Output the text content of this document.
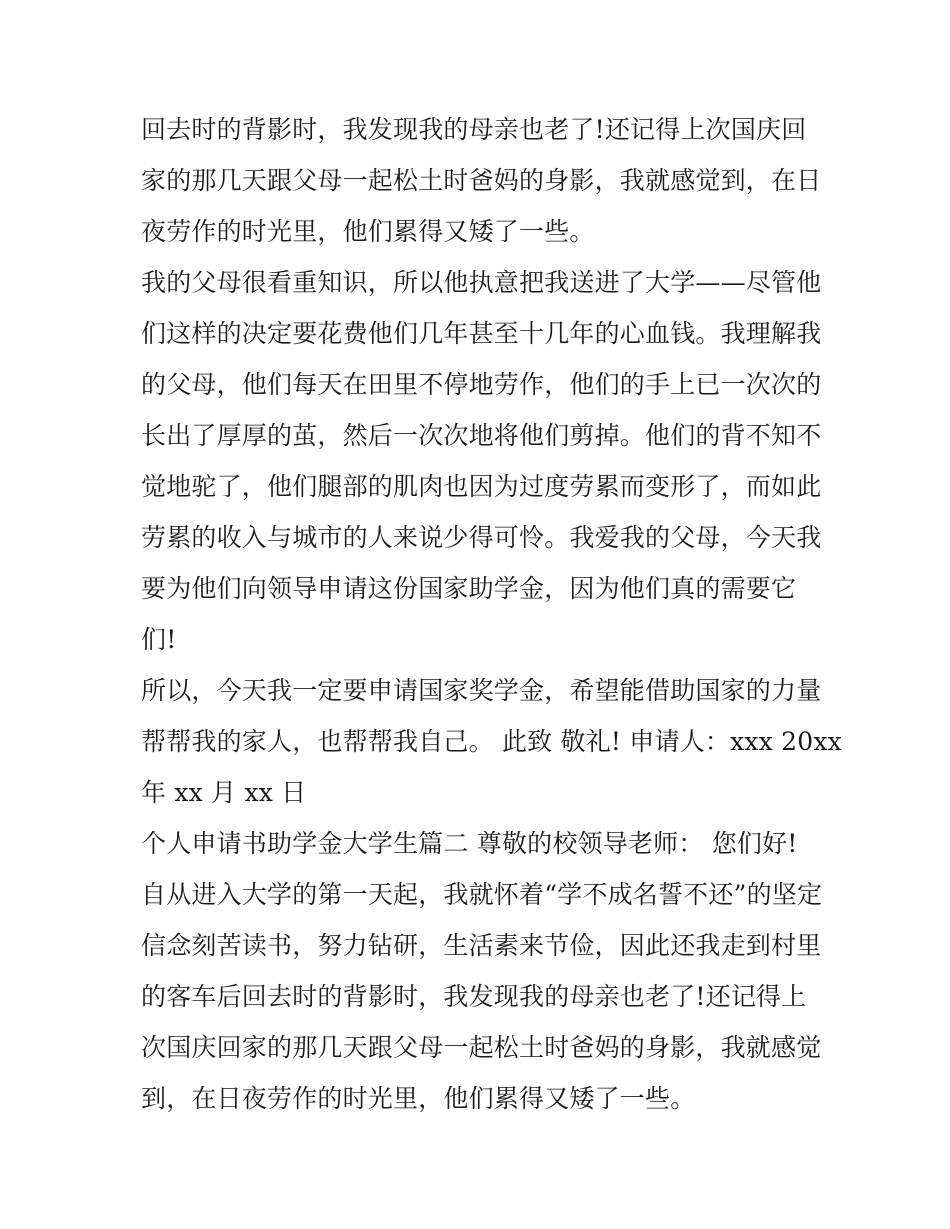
回去时的背影时，我发现我的母亲也老了!还记得上次国庆回
家的那几天跟父母一起松土时爸妈的身影，我就感觉到，在日
夜劳作的时光里，他们累得又矮了一些。
我的父母很看重知识，所以他执意把我送进了大学——尽管他
们这样的决定要花费他们几年甚至十几年的心血钱。我理解我
的父母，他们每天在田里不停地劳作，他们的手上已一次次的
长出了厚厚的茧，然后一次次地将他们剪掉。他们的背不知不
觉地驼了，他们腿部的肌肉也因为过度劳累而变形了，而如此
劳累的收入与城市的人来说少得可怜。我爱我的父母，今天我
要为他们向领导申请这份国家助学金，因为他们真的需要它
们!
所以，今天我一定要申请国家奖学金，希望能借助国家的力量
帮帮我的家人，也帮帮我自己。 此致 敬礼! 申请人：xxx 20xx
年 xx 月 xx 日
个人申请书助学金大学生篇二 尊敬的校领导老师： 您们好!
自从进入大学的第一天起，我就怀着“学不成名誓不还”的坚定
信念刻苦读书，努力钻研，生活素来节俭，因此还我走到村里
的客车后回去时的背影时，我发现我的母亲也老了!还记得上
次国庆回家的那几天跟父母一起松土时爸妈的身影，我就感觉
到，在日夜劳作的时光里，他们累得又矮了一些。
